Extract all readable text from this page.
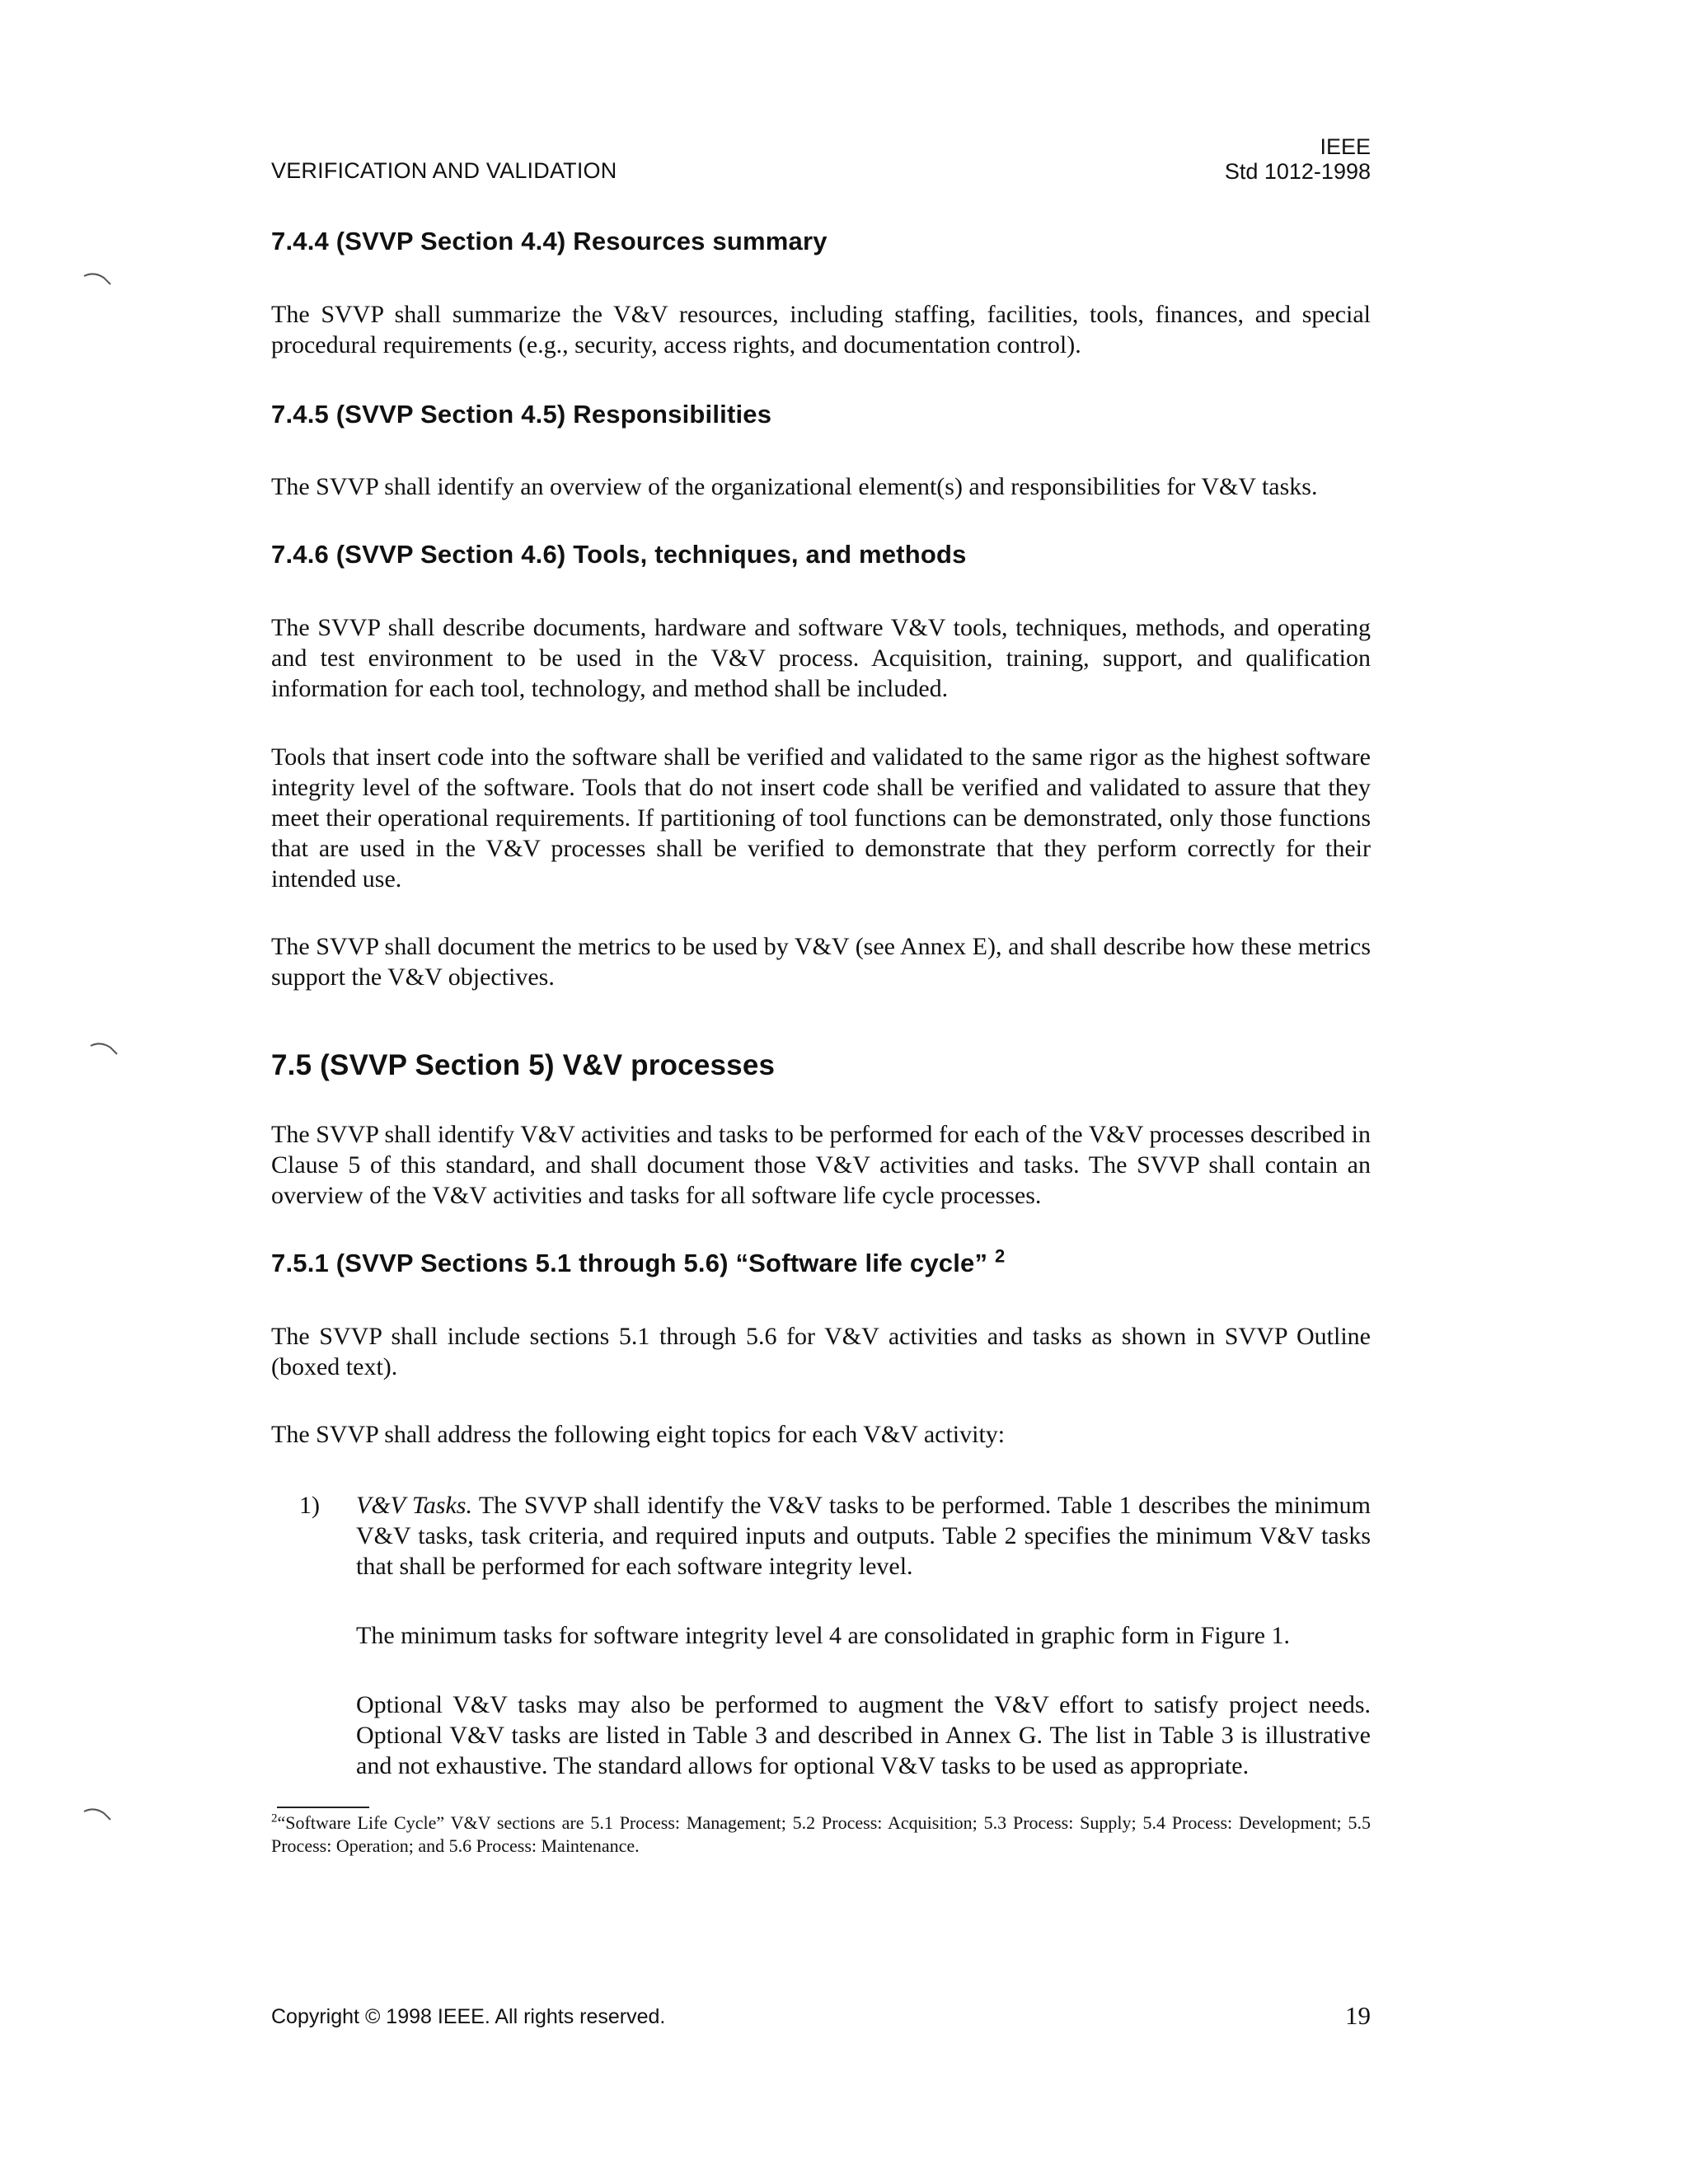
VERIFICATION AND VALIDATION
IEEE
Std 1012-1998
7.4.4 (SVVP Section 4.4) Resources summary

The SVVP shall summarize the V&V resources, including staffing, facilities, tools, finances, and special procedural requirements (e.g., security, access rights, and documentation control).

7.4.5 (SVVP Section 4.5) Responsibilities

The SVVP shall identify an overview of the organizational element(s) and responsibilities for V&V tasks.

7.4.6 (SVVP Section 4.6) Tools, techniques, and methods

The SVVP shall describe documents, hardware and software V&V tools, techniques, methods, and operating and test environment to be used in the V&V process. Acquisition, training, support, and qualification information for each tool, technology, and method shall be included.

Tools that insert code into the software shall be verified and validated to the same rigor as the highest software integrity level of the software. Tools that do not insert code shall be verified and validated to assure that they meet their operational requirements. If partitioning of tool functions can be demonstrated, only those functions that are used in the V&V processes shall be verified to demonstrate that they perform correctly for their intended use.

The SVVP shall document the metrics to be used by V&V (see Annex E), and shall describe how these metrics support the V&V objectives.

7.5 (SVVP Section 5) V&V processes

The SVVP shall identify V&V activities and tasks to be performed for each of the V&V processes described in Clause 5 of this standard, and shall document those V&V activities and tasks. The SVVP shall contain an overview of the V&V activities and tasks for all software life cycle processes.

7.5.1 (SVVP Sections 5.1 through 5.6) “Software life cycle” $^2$

The SVVP shall include sections 5.1 through 5.6 for V&V activities and tasks as shown in SVVP Outline (boxed text).

The SVVP shall address the following eight topics for each V&V activity:

1) V&V Tasks. The SVVP shall identify the V&V tasks to be performed. Table 1 describes the minimum V&V tasks, task criteria, and required inputs and outputs. Table 2 specifies the minimum V&V tasks that shall be performed for each software integrity level.

The minimum tasks for software integrity level 4 are consolidated in graphic form in Figure 1.

Optional V&V tasks may also be performed to augment the V&V effort to satisfy project needs. Optional V&V tasks are listed in Table 3 and described in Annex G. The list in Table 3 is illustrative and not exhaustive. The standard allows for optional V&V tasks to be used as appropriate.

$^2$“Software Life Cycle” V&V sections are 5.1 Process: Management; 5.2 Process: Acquisition; 5.3 Process: Supply; 5.4 Process: Development; 5.5 Process: Operation; and 5.6 Process: Maintenance.
Copyright © 1998 IEEE. All rights reserved.	19
